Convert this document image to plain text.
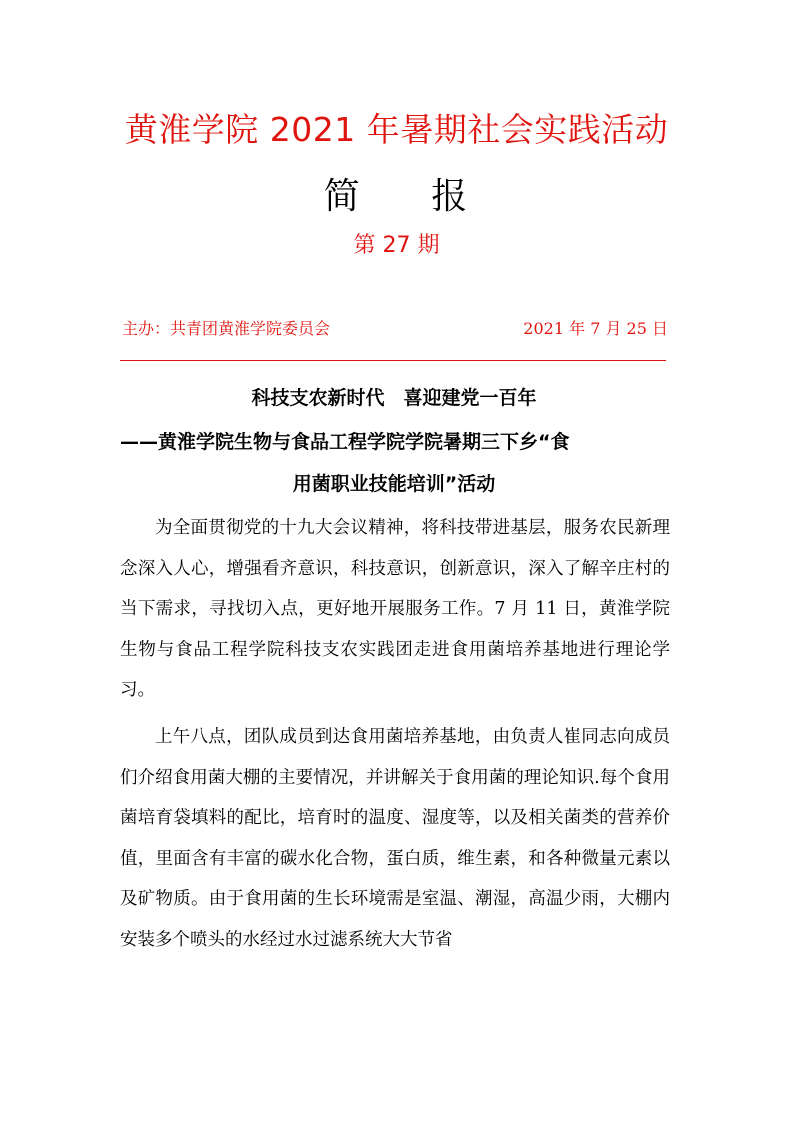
黄淮学院 2021 年暑期社会实践活动
简 报
第 27 期
主办：共青团黄淮学院委员会	2021 年 7 月 25 日
科技支农新时代　喜迎建党一百年
——黄淮学院生物与食品工程学院学院暑期三下乡“食
用菌职业技能培训”活动

为全面贯彻党的十九大会议精神，将科技带进基层，服务农民新理念深入人心，增强看齐意识，科技意识，创新意识，深入了解辛庄村的当下需求，寻找切入点，更好地开展服务工作。7 月 11 日，黄淮学院生物与食品工程学院科技支农实践团走进食用菌培养基地进行理论学习。

上午八点，团队成员到达食用菌培养基地，由负责人崔同志向成员们介绍食用菌大棚的主要情况，并讲解关于食用菌的理论知识.每个食用菌培育袋填料的配比，培育时的温度、湿度等，以及相关菌类的营养价值，里面含有丰富的碳水化合物，蛋白质，维生素，和各种微量元素以及矿物质。由于食用菌的生长环境需是室温、潮湿，高温少雨，大棚内安装多个喷头的水经过水过滤系统大大节省
